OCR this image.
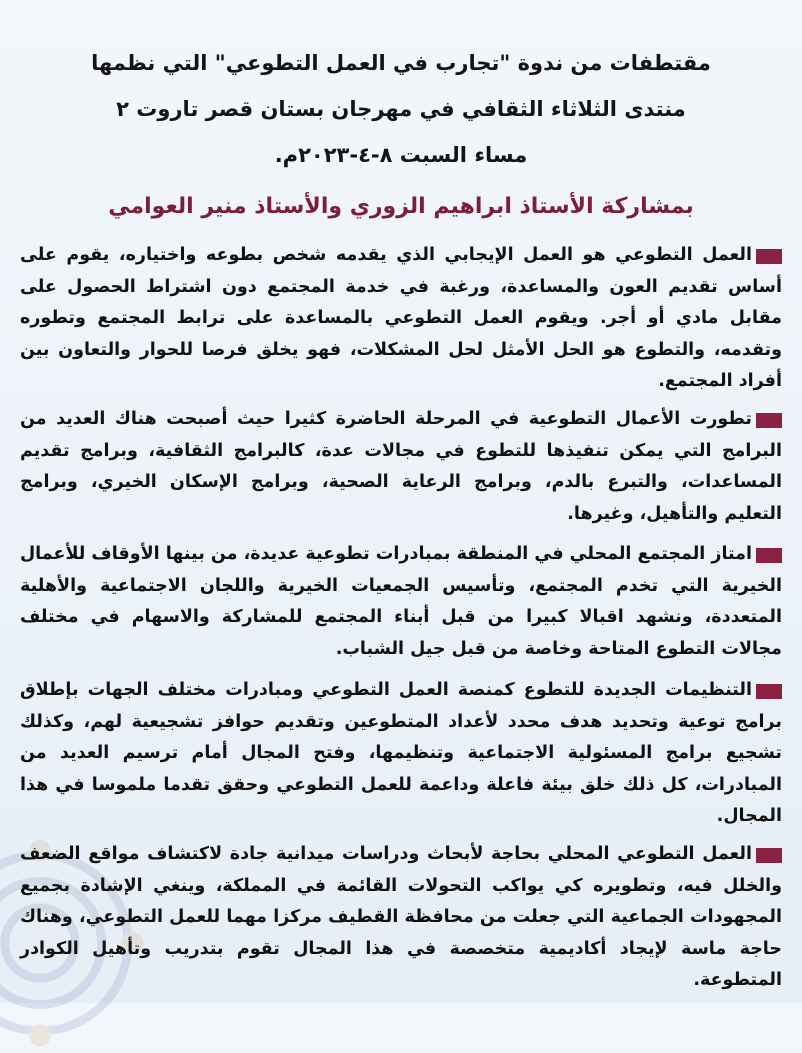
مقتطفات من ندوة "تجارب في العمل التطوعي" التي نظمها
منتدى الثلاثاء الثقافي في مهرجان بستان قصر تاروت ٢
مساء السبت ٨-٤-٢٠٢٣م.
بمشاركة الأستاذ ابراهيم الزوري والأستاذ منير العوامي

العمل التطوعي هو العمل الإيجابي الذي يقدمه شخص بطوعه واختياره، يقوم على أساس تقديم العون والمساعدة، ورغبة في خدمة المجتمع دون اشتراط الحصول على مقابل مادي أو أجر. ويقوم العمل التطوعي بالمساعدة على ترابط المجتمع وتطوره وتقدمه، والتطوع هو الحل الأمثل لحل المشكلات، فهو يخلق فرصا للحوار والتعاون بين أفراد المجتمع.

تطورت الأعمال التطوعية في المرحلة الحاضرة كثيرا حيث أصبحت هناك العديد من البرامج التي يمكن تنفيذها للتطوع في مجالات عدة، كالبرامج الثقافية، وبرامج تقديم المساعدات، والتبرع بالدم، وبرامج الرعاية الصحية، وبرامج الإسكان الخيري، وبرامج التعليم والتأهيل، وغيرها.

امتاز المجتمع المحلي في المنطقة بمبادرات تطوعية عديدة، من بينها الأوقاف للأعمال الخيرية التي تخدم المجتمع، وتأسيس الجمعيات الخيرية واللجان الاجتماعية والأهلية المتعددة، ونشهد اقبالا كبيرا من قبل أبناء المجتمع للمشاركة والاسهام في مختلف مجالات التطوع المتاحة وخاصة من قبل جيل الشباب.

التنظيمات الجديدة للتطوع كمنصة العمل التطوعي ومبادرات مختلف الجهات بإطلاق برامج توعية وتحديد هدف محدد لأعداد المتطوعين وتقديم حوافز تشجيعية لهم، وكذلك تشجيع برامج المسئولية الاجتماعية وتنظيمها، وفتح المجال أمام ترسيم العديد من المبادرات، كل ذلك خلق بيئة فاعلة وداعمة للعمل التطوعي وحقق تقدما ملموسا في هذا المجال.

العمل التطوعي المحلي بحاجة لأبحاث ودراسات ميدانية جادة لاكتشاف مواقع الضعف والخلل فيه، وتطويره كي يواكب التحولات القائمة في المملكة، وينغي الإشادة بجميع المجهودات الجماعية التي جعلت من محافظة القطيف مركزا مهما للعمل التطوعي، وهناك حاجة ماسة لإيجاد أكاديمية متخصصة في هذا المجال تقوم بتدريب وتأهيل الكوادر المتطوعة.
